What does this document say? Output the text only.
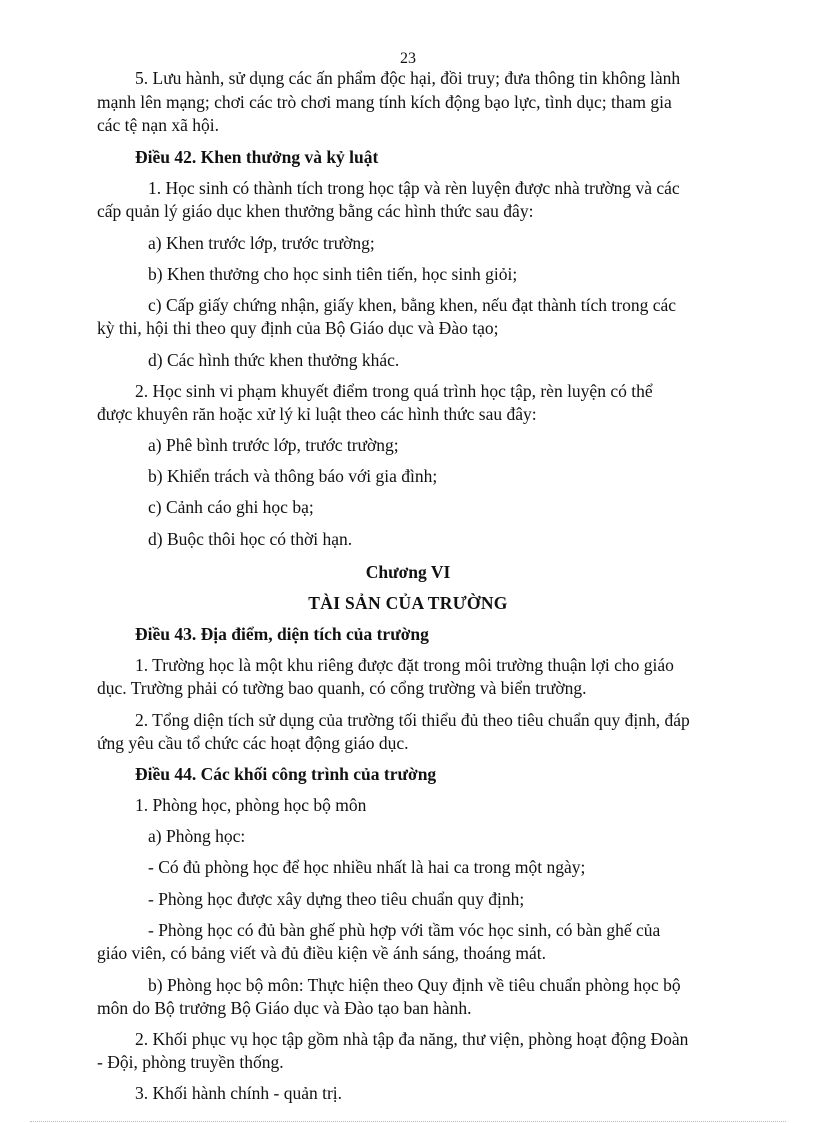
23

5. Lưu hành, sử dụng các ấn phẩm độc hại, đồi truy; đưa thông tin không lành

mạnh lên mạng; chơi các trò chơi mang tính kích động bạo lực, tình dục; tham gia

các tệ nạn xã hội.

Điều 42. Khen thưởng và kỷ luật

1. Học sinh có thành tích trong học tập và rèn luyện được nhà trường và các

cấp quản lý giáo dục khen thưởng bằng các hình thức sau đây:

a) Khen trước lớp, trước trường;

b) Khen thưởng cho học sinh tiên tiến, học sinh giỏi;

c) Cấp giấy chứng nhận, giấy khen, bằng khen, nếu đạt thành tích trong các

kỳ thi, hội thi theo quy định của Bộ Giáo dục và Đào tạo;

d) Các hình thức khen thưởng khác.

2. Học sinh vi phạm khuyết điểm trong quá trình học tập, rèn luyện có thể

được khuyên răn hoặc xử lý kỉ luật theo các hình thức sau đây:

a) Phê bình trước lớp, trước trường;

b) Khiển trách và thông báo với gia đình;

c) Cảnh cáo ghi học bạ;

d) Buộc thôi học có thời hạn.

Chương VI

TÀI SẢN CỦA TRƯỜNG

Điều 43. Địa điểm, diện tích của trường

1. Trường học là một khu riêng được đặt trong môi trường thuận lợi cho giáo

dục. Trường phải có tường bao quanh, có cổng trường và biển trường.

2. Tổng diện tích sử dụng của trường tối thiểu đủ theo tiêu chuẩn quy định, đáp

ứng yêu cầu tổ chức các hoạt động giáo dục.

Điều 44. Các khối công trình của trường

1. Phòng học, phòng học bộ môn

a) Phòng học:

- Có đủ phòng học để học nhiều nhất là hai ca trong một ngày;

- Phòng học được xây dựng theo tiêu chuẩn quy định;

- Phòng học có đủ bàn ghế phù hợp với tầm vóc học sinh, có bàn ghế của

giáo viên, có bảng viết và đủ điều kiện về ánh sáng, thoáng mát.

b) Phòng học bộ môn: Thực hiện theo Quy định về tiêu chuẩn phòng học bộ

môn do Bộ trưởng Bộ Giáo dục và Đào tạo ban hành.

2. Khối phục vụ học tập gồm nhà tập đa năng, thư viện, phòng hoạt động Đoàn

- Đội, phòng truyền thống.

3. Khối hành chính - quản trị.
